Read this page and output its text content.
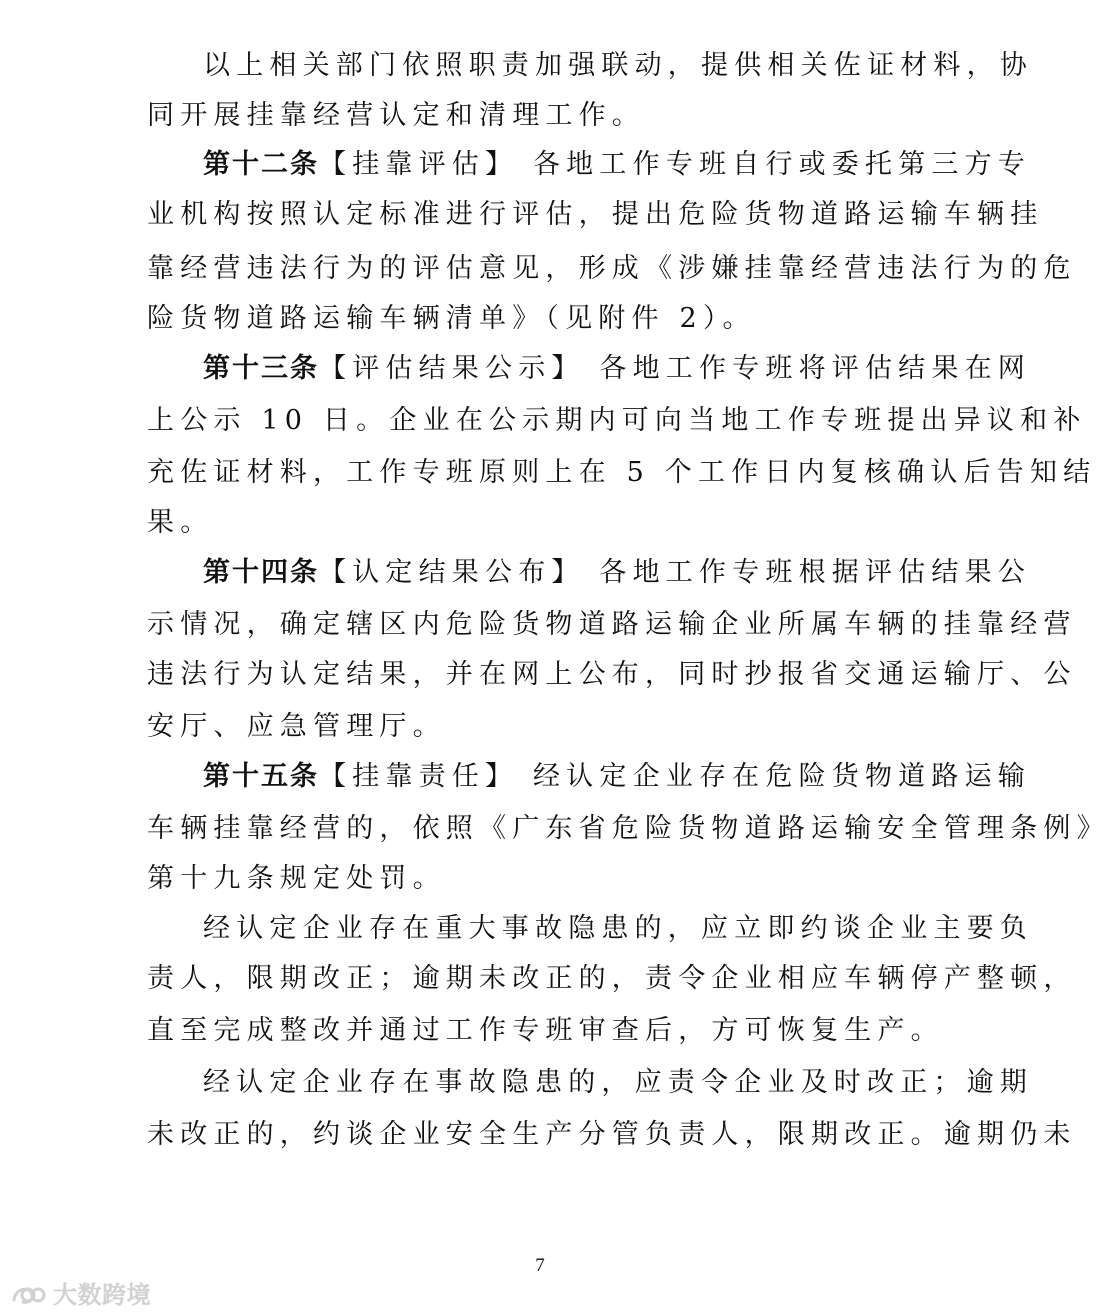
以上相关部门依照职责加强联动，提供相关佐证材料，协
同开展挂靠经营认定和清理工作。
第十二条【挂靠评估】 各地工作专班自行或委托第三方专
业机构按照认定标准进行评估，提出危险货物道路运输车辆挂
靠经营违法行为的评估意见，形成《涉嫌挂靠经营违法行为的危
险货物道路运输车辆清单》（见附件 2）。
第十三条【评估结果公示】 各地工作专班将评估结果在网
上公示 10 日。企业在公示期内可向当地工作专班提出异议和补
充佐证材料，工作专班原则上在 5 个工作日内复核确认后告知结
果。
第十四条【认定结果公布】 各地工作专班根据评估结果公
示情况，确定辖区内危险货物道路运输企业所属车辆的挂靠经营
违法行为认定结果，并在网上公布，同时抄报省交通运输厅、公
安厅、应急管理厅。
第十五条【挂靠责任】 经认定企业存在危险货物道路运输
车辆挂靠经营的，依照《广东省危险货物道路运输安全管理条例》
第十九条规定处罚。
经认定企业存在重大事故隐患的，应立即约谈企业主要负
责人，限期改正；逾期未改正的，责令企业相应车辆停产整顿，
直至完成整改并通过工作专班审查后，方可恢复生产。
经认定企业存在事故隐患的，应责令企业及时改正；逾期
未改正的，约谈企业安全生产分管负责人，限期改正。逾期仍未
7
大数跨境
